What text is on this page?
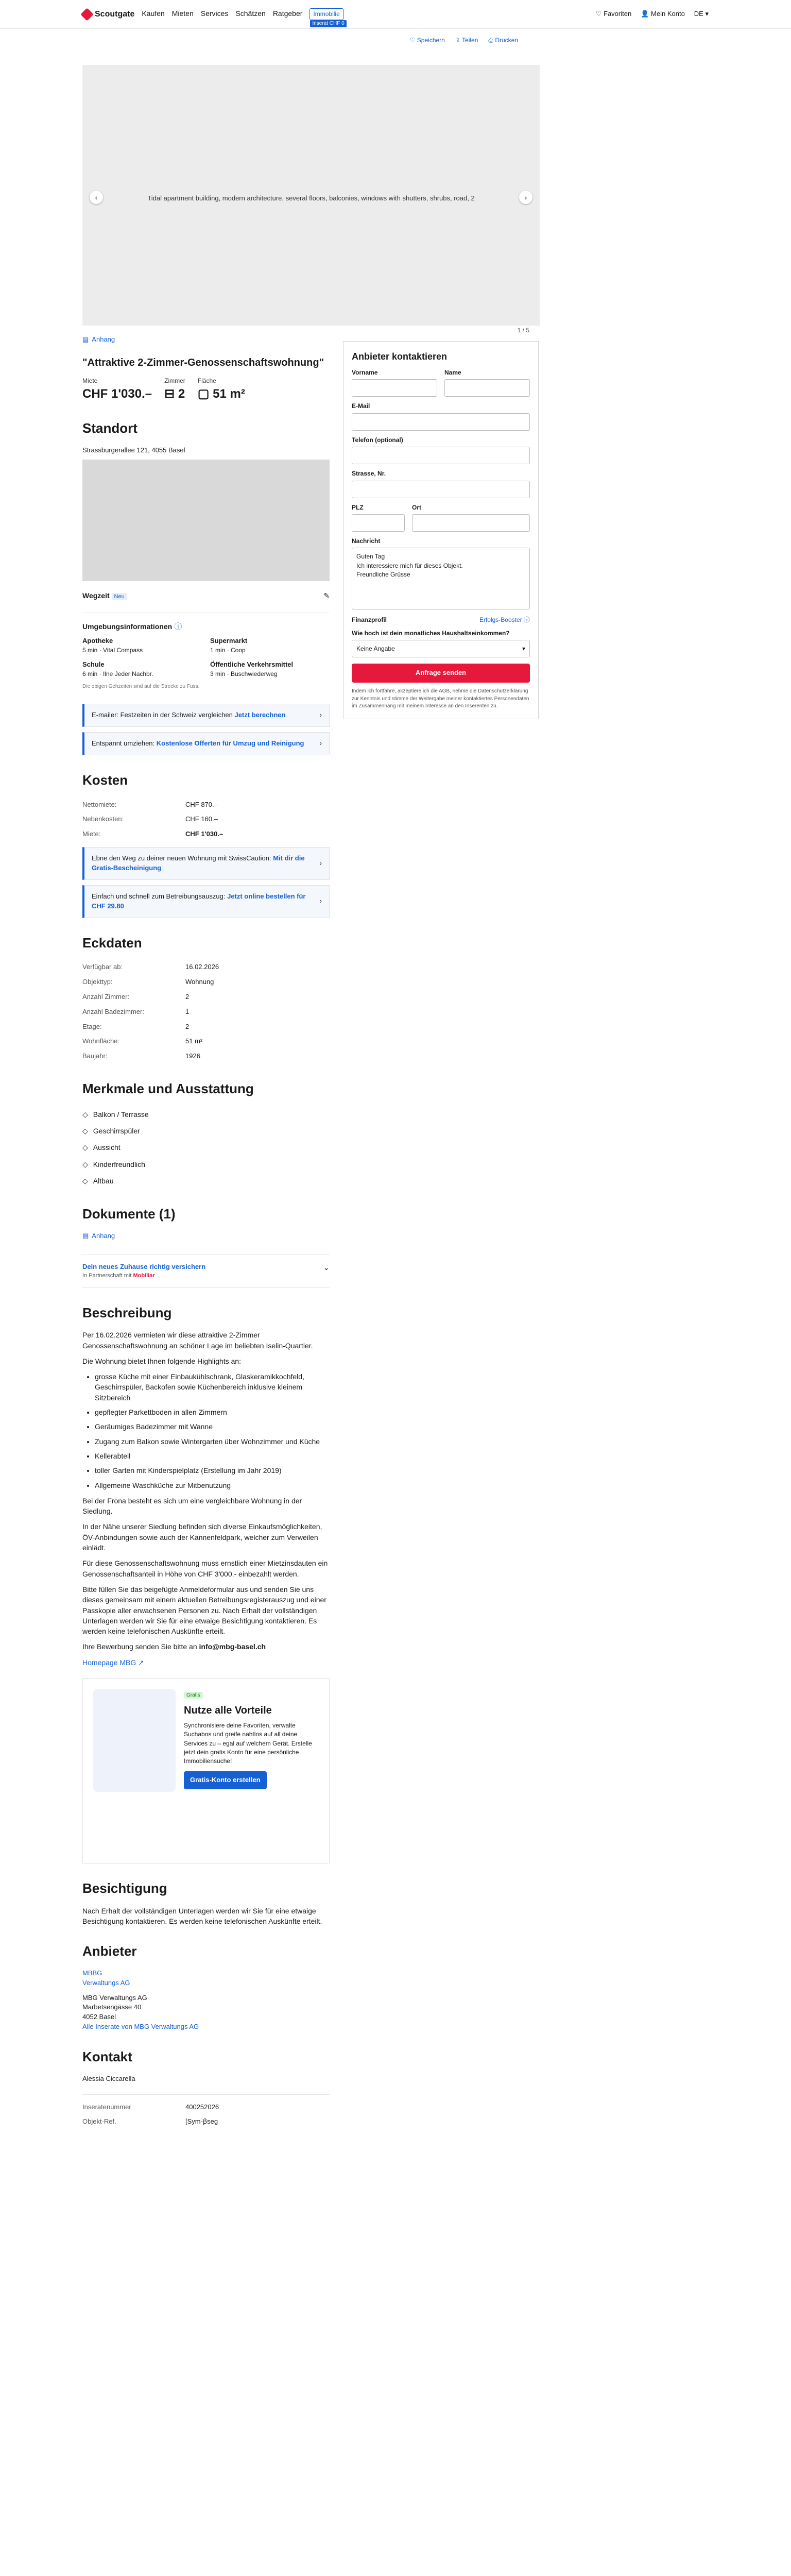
Scoutgate Kaufen Mieten Services Schätzen Ratgeber	Immobilie
Inserat CHF 0
♡ Favoriten 👤 Mein Konto DE ▾
♡ Speichern ⇪ Teilen ⎙ Drucken
‹	Tidal apartment building, modern architecture, several floors, balconies, windows with shutters, shrubs, road, 2	›
1 / 5
Anbieter kontaktieren
Vorname	Name
E-Mail
Telefon (optional)
Strasse, Nr.
PLZ	Ort
Nachricht
Guten Tag
Ich interessiere mich für dieses Objekt.
Freundliche Grüsse
Finanzprofil	Erfolgs-Booster ⓘ
Wie hoch ist dein monatliches Haushaltseinkommen?
Keine Angabe	▾
Anfrage senden
Indem ich fortfahre, akzeptiere ich die AGB, nehme die Datenschutzerklärung zur Kenntnis und stimme der Weitergabe meiner kontaktiertes Personendaten im Zusammenhang mit meinem Interesse an den Inserenten zu.
▤ Anhang
"Attraktive 2-Zimmer-Genossenschaftswohnung"
Miete
CHF 1'030.–
Zimmer
⊟ 2
Fläche
▢ 51 m²
Standort
Strassburgerallee 121, 4055 Basel
Wegzeit Neu	✎
Umgebungsinformationen ⓘ
Apotheke
5 min · Vital Compass
Supermarkt
1 min · Coop
Schule
6 min · Ilne Jeder Nachbr.
Öffentliche Verkehrsmittel
3 min · Buschwiederweg
Die obigen Gehzeiten sind auf die Strecke zu Fuss.
E-mailer: Festzeiten in der Schweiz vergleichen Jetzt berechnen	›
Entspannt umziehen: Kostenlose Offerten für Umzug und Reinigung ›
Kosten
Nettomiete:	CHF 870.–
Nebenkosten:	CHF 160.–
Miete:	CHF 1'030.–
Ebne den Weg zu deiner neuen Wohnung mit SwissCaution: Mit dir die Gratis-Bescheinigung
›
Einfach und schnell zum Betreibungsauszug: Jetzt online bestellen für CHF 29.80
›
Eckdaten
Verfügbar ab:	16.02.2026
Objekttyp:	Wohnung
Anzahl Zimmer:	2
Anzahl Badezimmer:	1
Etage:	2
Wohnfläche:	51 m²
Baujahr:	1926
Merkmale und Ausstattung
◇ Balkon / Terrasse
◇ Geschirrspüler
◇ Aussicht
◇ Kinderfreundlich
◇ Altbau
Dokumente (1)
▤ Anhang
Dein neues Zuhause richtig versichern
In Partnerschaft mit Mobiliar
⌄
Beschreibung

Per 16.02.2026 vermieten wir diese attraktive 2-Zimmer Genossenschaftswohnung an schöner Lage im beliebten Iselin-Quartier.

Die Wohnung bietet Ihnen folgende Highlights an:

• grosse Küche mit einer Einbaukühlschrank, Glaskeramikkochfeld, Geschirrspüler, Backofen sowie Küchenbereich inklusive kleinem Sitzbereich
• gepflegter Parkettboden in allen Zimmern
• Geräumiges Badezimmer mit Wanne
• Zugang zum Balkon sowie Wintergarten über Wohnzimmer und Küche
• Kellerabteil
• toller Garten mit Kinderspielplatz (Erstellung im Jahr 2019)
• Allgemeine Waschküche zur Mitbenutzung

Bei der Frona besteht es sich um eine vergleichbare Wohnung in der Siedlung.

In der Nähe unserer Siedlung befinden sich diverse Einkaufsmöglichkeiten, ÖV-Anbindungen sowie auch der Kannenfeldpark, welcher zum Verweilen einlädt.

Für diese Genossenschaftswohnung muss ernstlich einer Mietzinsdauten ein Genossenschaftsanteil in Höhe von CHF 3'000.- einbezahlt werden.

Bitte füllen Sie das beigefügte Anmeldeformular aus und senden Sie uns dieses gemeinsam mit einem aktuellen Betreibungsregisterauszug und einer Passkopie aller erwachsenen Personen zu. Nach Erhalt der vollständigen Unterlagen werden wir Sie für eine etwaige Besichtigung kontaktieren. Es werden keine telefonischen Auskünfte erteilt.

Ihre Bewerbung senden Sie bitte an info@mbg-basel.ch

Homepage MBG ↗

Gratis
Nutze alle Vorteile
Synchronisiere deine Favoriten, verwalte Suchabos und greife nahtlos auf all deine Services zu – egal auf welchem Gerät. Erstelle jetzt dein gratis Konto für eine persönliche Immobiliensuche!
Gratis-Konto erstellen
Besichtigung

Nach Erhalt der vollständigen Unterlagen werden wir Sie für eine etwaige Besichtigung kontaktieren. Es werden keine telefonischen Auskünfte erteilt.

Anbieter
MBBG
Verwaltungs AG
MBG Verwaltungs AG
Marbetsengässe 40
4052 Basel
Alle Inserate von MBG Verwaltungs AG
Kontakt
Alessia Ciccarella
Inseratenummer	400252026
Objekt-Ref.	[Sym-ꞵseg
